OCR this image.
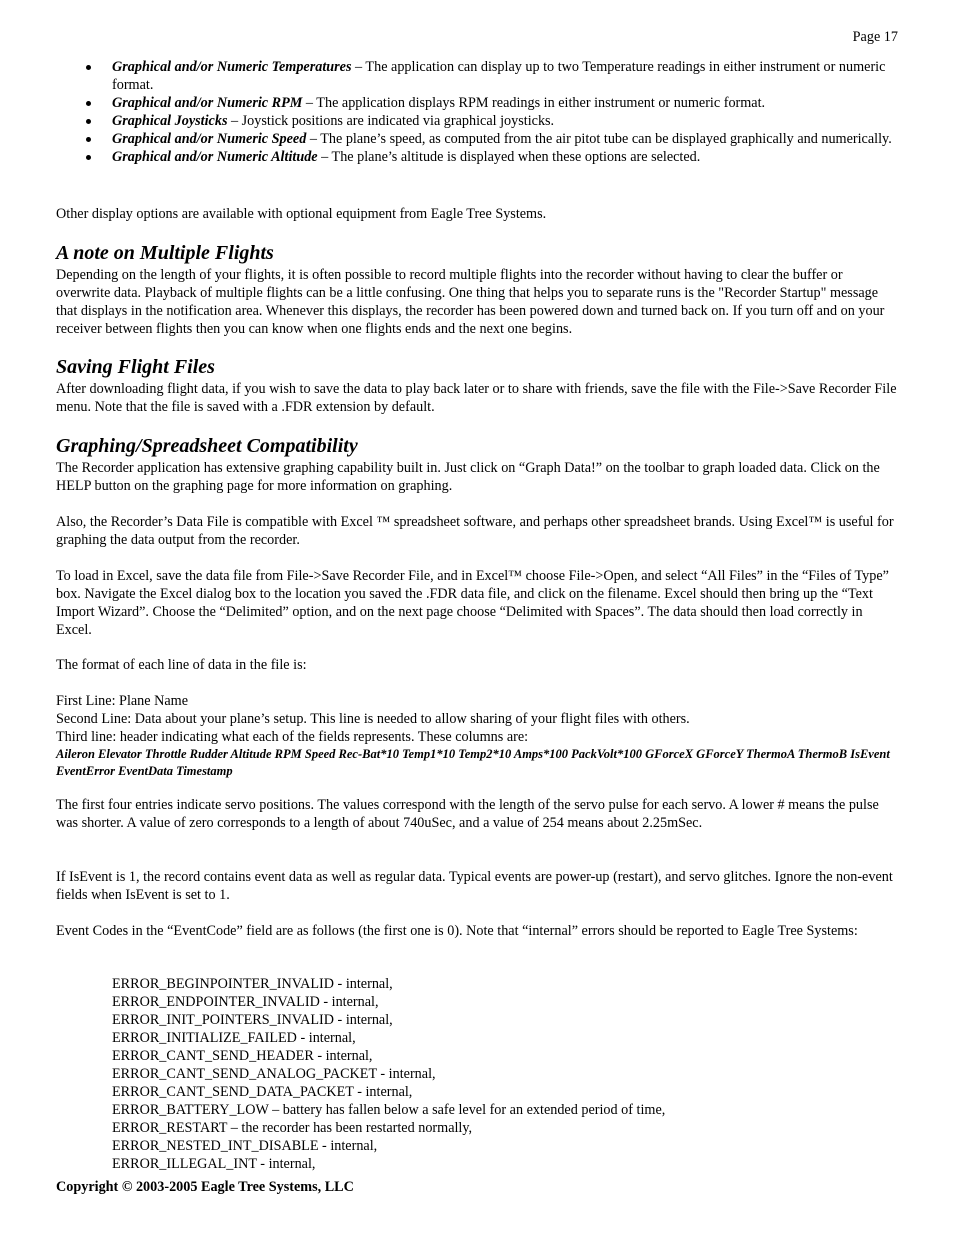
Page 17
Graphical and/or Numeric Temperatures – The application can display up to two Temperature readings in either instrument or numeric format.
Graphical and/or Numeric RPM – The application displays RPM readings in either instrument or numeric format.
Graphical Joysticks – Joystick positions are indicated via graphical joysticks.
Graphical and/or Numeric Speed – The plane’s speed, as computed from the air pitot tube can be displayed graphically and numerically.
Graphical and/or Numeric Altitude – The plane’s altitude is displayed when these options are selected.

Other display options are available with optional equipment from Eagle Tree Systems.

A note on Multiple Flights

Depending on the length of your flights, it is often possible to record multiple flights into the recorder without having to clear the buffer or overwrite data. Playback of multiple flights can be a little confusing. One thing that helps you to separate runs is the "Recorder Startup" message that displays in the notification area. Whenever this displays, the recorder has been powered down and turned back on. If you turn off and on your receiver between flights then you can know when one flights ends and the next one begins.

Saving Flight Files

After downloading flight data, if you wish to save the data to play back later or to share with friends, save the file with the File->Save Recorder File menu. Note that the file is saved with a .FDR extension by default.

Graphing/Spreadsheet Compatibility

The Recorder application has extensive graphing capability built in. Just click on “Graph Data!” on the toolbar to graph loaded data. Click on the HELP button on the graphing page for more information on graphing.

Also, the Recorder’s Data File is compatible with Excel ™ spreadsheet software, and perhaps other spreadsheet brands. Using Excel™ is useful for graphing the data output from the recorder.

To load in Excel, save the data file from File->Save Recorder File, and in Excel™ choose File->Open, and select “All Files” in the “Files of Type” box. Navigate the Excel dialog box to the location you saved the .FDR data file, and click on the filename. Excel should then bring up the “Text Import Wizard”. Choose the “Delimited” option, and on the next page choose “Delimited with Spaces”. The data should then load correctly in Excel.

The format of each line of data in the file is:

First Line: Plane Name

Second Line: Data about your plane’s setup. This line is needed to allow sharing of your flight files with others.

Third line: header indicating what each of the fields represents. These columns are:

Aileron Elevator Throttle Rudder Altitude RPM Speed Rec-Bat*10 Temp1*10 Temp2*10 Amps*100 PackVolt*100 GForceX GForceY ThermoA ThermoB IsEvent EventError EventData Timestamp

The first four entries indicate servo positions. The values correspond with the length of the servo pulse for each servo. A lower # means the pulse was shorter. A value of zero corresponds to a length of about 740uSec, and a value of 254 means about 2.25mSec.

If IsEvent is 1, the record contains event data as well as regular data. Typical events are power-up (restart), and servo glitches. Ignore the non-event fields when IsEvent is set to 1.

Event Codes in the “EventCode” field are as follows (the first one is 0). Note that “internal” errors should be reported to Eagle Tree Systems:

ERROR_BEGINPOINTER_INVALID - internal,
ERROR_ENDPOINTER_INVALID - internal,
ERROR_INIT_POINTERS_INVALID - internal,
ERROR_INITIALIZE_FAILED - internal,
ERROR_CANT_SEND_HEADER - internal,
ERROR_CANT_SEND_ANALOG_PACKET - internal,
ERROR_CANT_SEND_DATA_PACKET - internal,
ERROR_BATTERY_LOW – battery has fallen below a safe level for an extended period of time,
ERROR_RESTART – the recorder has been restarted normally,
ERROR_NESTED_INT_DISABLE - internal,
ERROR_ILLEGAL_INT - internal,

Copyright © 2003-2005 Eagle Tree Systems, LLC
